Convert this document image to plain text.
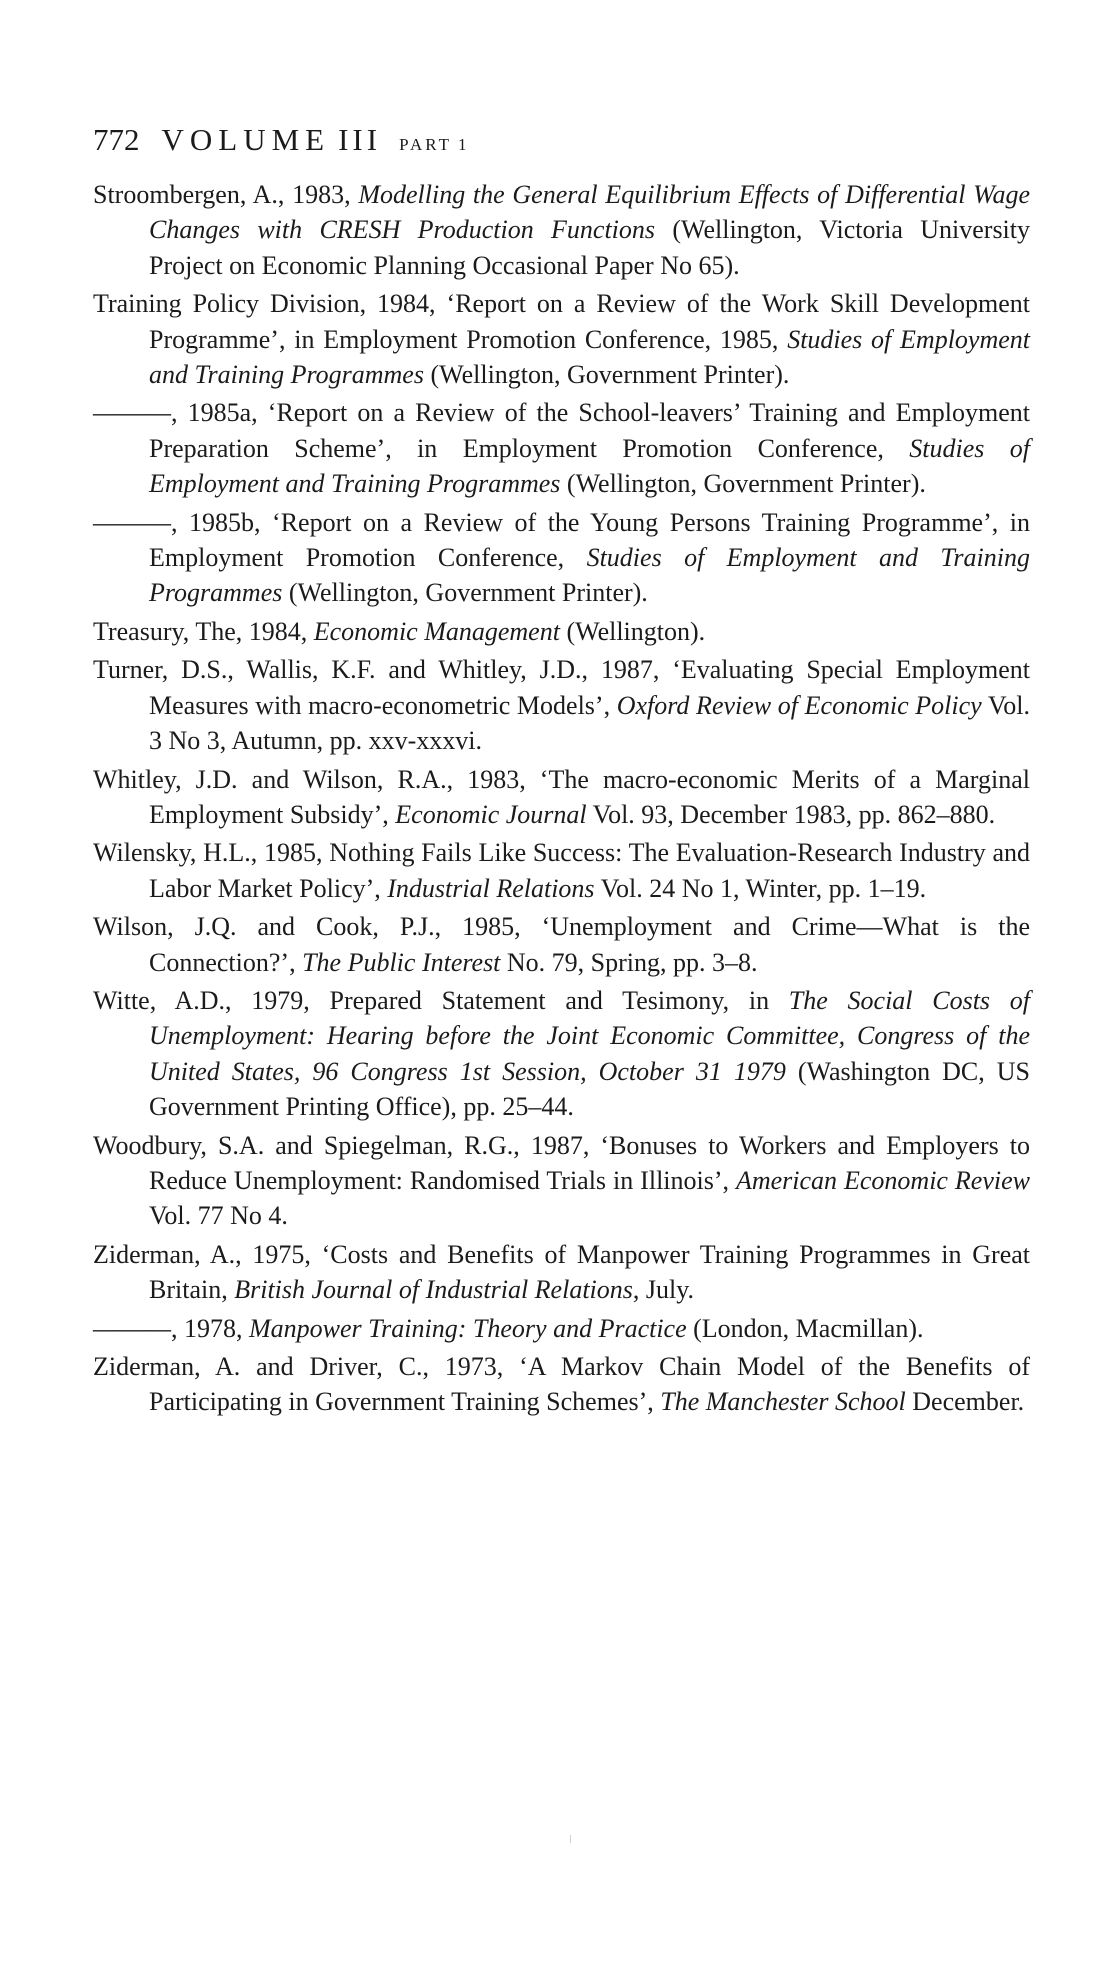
772 VOLUME III PART 1
Stroombergen, A., 1983, Modelling the General Equilibrium Effects of Differential Wage Changes with CRESH Production Functions (Wellington, Victoria University Project on Economic Planning Occasional Paper No 65).
Training Policy Division, 1984, ‘Report on a Review of the Work Skill Development Programme’, in Employment Promotion Conference, 1985, Studies of Employment and Training Programmes (Wellington, Government Printer).
———, 1985a, ‘Report on a Review of the School-leavers’ Training and Employment Preparation Scheme’, in Employment Promotion Conference, Studies of Employment and Training Programmes (Wellington, Government Printer).
———, 1985b, ‘Report on a Review of the Young Persons Training Programme’, in Employment Promotion Conference, Studies of Employment and Training Programmes (Wellington, Government Printer).
Treasury, The, 1984, Economic Management (Wellington).
Turner, D.S., Wallis, K.F. and Whitley, J.D., 1987, ‘Evaluating Special Employment Measures with macro-econometric Models’, Oxford Review of Economic Policy Vol. 3 No 3, Autumn, pp. xxv-xxxvi.
Whitley, J.D. and Wilson, R.A., 1983, ‘The macro-economic Merits of a Marginal Employment Subsidy’, Economic Journal Vol. 93, December 1983, pp. 862–880.
Wilensky, H.L., 1985, Nothing Fails Like Success: The Evaluation-Research Industry and Labor Market Policy’, Industrial Relations Vol. 24 No 1, Winter, pp. 1–19.
Wilson, J.Q. and Cook, P.J., 1985, ‘Unemployment and Crime—What is the Connection?’, The Public Interest No. 79, Spring, pp. 3–8.
Witte, A.D., 1979, Prepared Statement and Tesimony, in The Social Costs of Unemployment: Hearing before the Joint Economic Committee, Congress of the United States, 96 Congress 1st Session, October 31 1979 (Washington DC, US Government Printing Office), pp. 25–44.
Woodbury, S.A. and Spiegelman, R.G., 1987, ‘Bonuses to Workers and Employers to Reduce Unemployment: Randomised Trials in Illinois’, American Economic Review Vol. 77 No 4.
Ziderman, A., 1975, ‘Costs and Benefits of Manpower Training Programmes in Great Britain, British Journal of Industrial Relations, July.
———, 1978, Manpower Training: Theory and Practice (London, Macmillan).
Ziderman, A. and Driver, C., 1973, ‘A Markov Chain Model of the Benefits of Participating in Government Training Schemes’, The Manchester School December.
